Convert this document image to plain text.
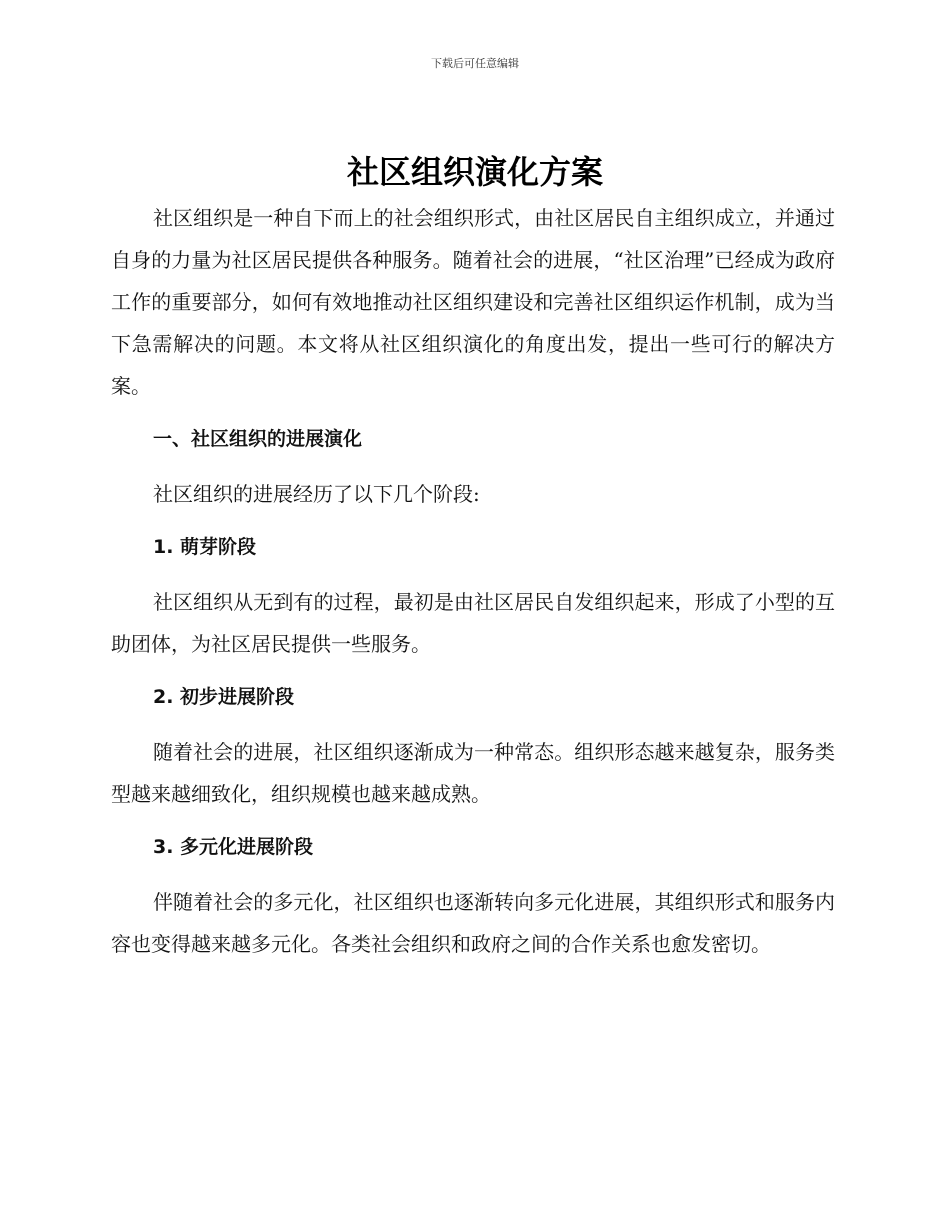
下载后可任意编辑
社区组织演化方案

社区组织是一种自下而上的社会组织形式，由社区居民自主组织成立，并通过自身的力量为社区居民提供各种服务。随着社会的进展，“社区治理”已经成为政府工作的重要部分，如何有效地推动社区组织建设和完善社区组织运作机制，成为当下急需解决的问题。本文将从社区组织演化的角度出发，提出一些可行的解决方案。

一、社区组织的进展演化

社区组织的进展经历了以下几个阶段:

1. 萌芽阶段

社区组织从无到有的过程，最初是由社区居民自发组织起来，形成了小型的互助团体，为社区居民提供一些服务。

2. 初步进展阶段

随着社会的进展，社区组织逐渐成为一种常态。组织形态越来越复杂，服务类型越来越细致化，组织规模也越来越成熟。

3. 多元化进展阶段

伴随着社会的多元化，社区组织也逐渐转向多元化进展，其组织形式和服务内容也变得越来越多元化。各类社会组织和政府之间的合作关系也愈发密切。
